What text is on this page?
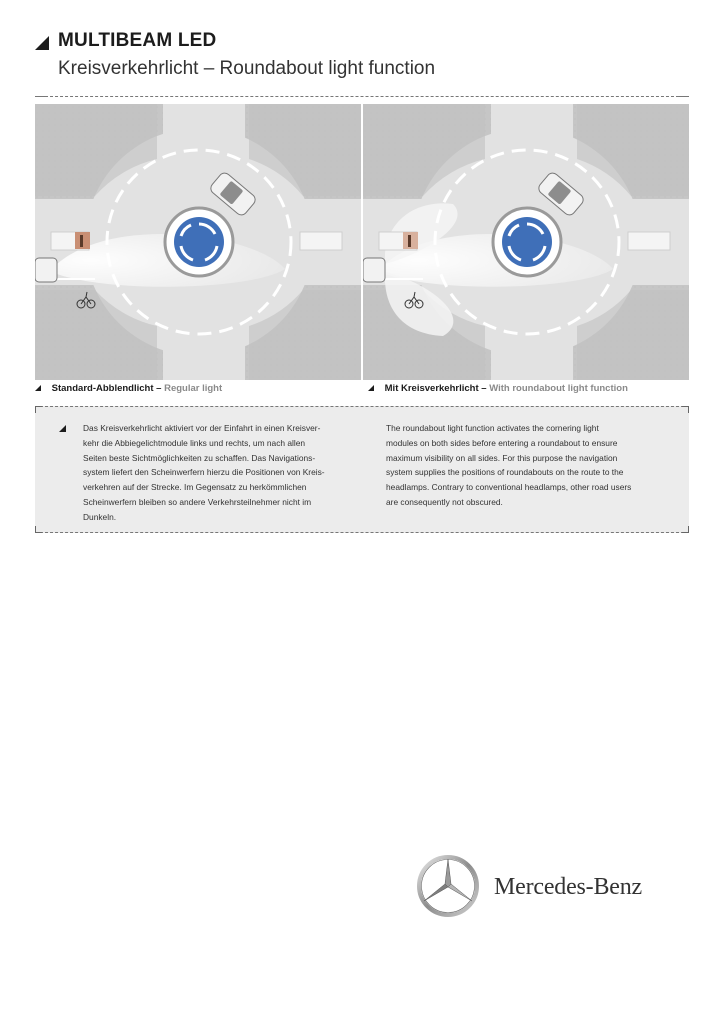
MULTIBEAM LED
Kreisverkehrlicht – Roundabout light function
Standard-Abblendlicht – Regular light	Mit Kreisverkehrlicht – With roundabout light function
Das Kreisverkehrlicht aktiviert vor der Einfahrt in einen Kreisver-
kehr die Abbiegelichtmodule links und rechts, um nach allen
Seiten beste Sichtmöglichkeiten zu schaffen. Das Navigations-
system liefert den Scheinwerfern hierzu die Positionen von Kreis-
verkehren auf der Strecke. Im Gegensatz zu herkömmlichen
Scheinwerfern bleiben so andere Verkehrsteilnehmer nicht im
Dunkeln.
The roundabout light function activates the cornering light
modules on both sides before entering a roundabout to ensure
maximum visibility on all sides. For this purpose the navigation
system supplies the positions of roundabouts on the route to the
headlamps. Contrary to conventional headlamps, other road users
are consequently not obscured.
Mercedes-Benz
